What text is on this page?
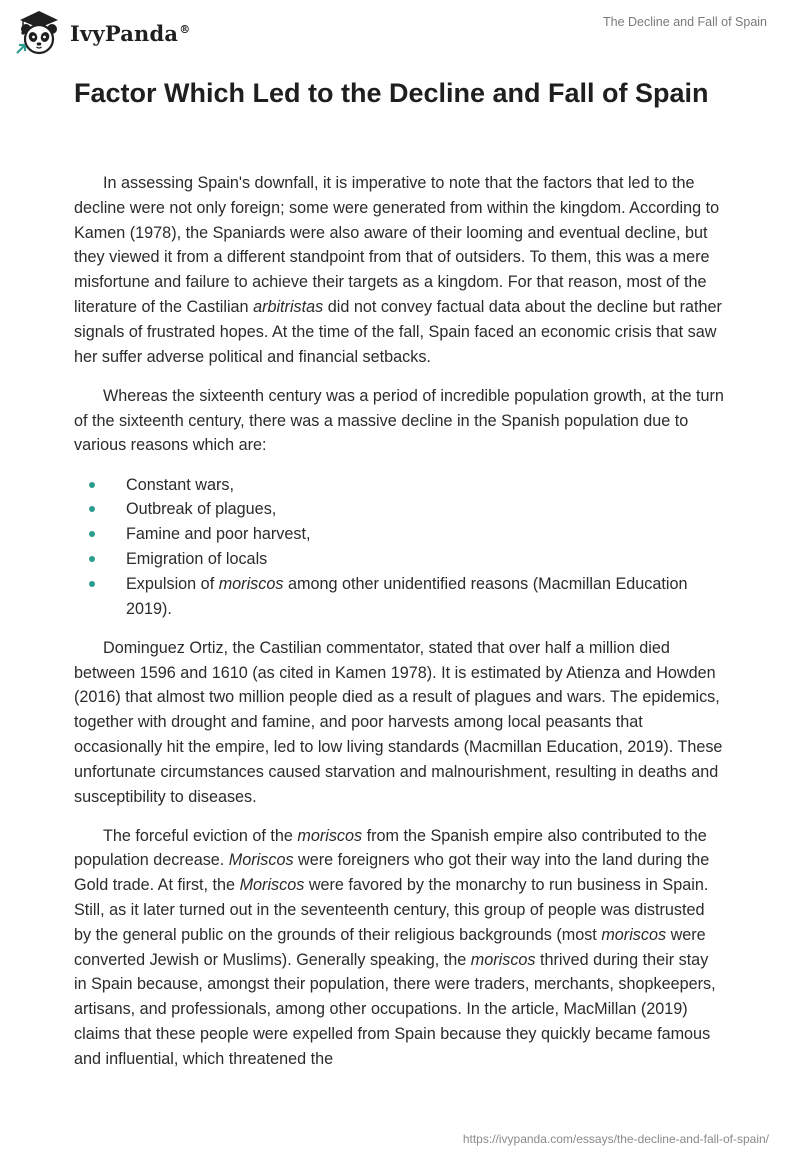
IvyPanda®	The Decline and Fall of Spain
Factor Which Led to the Decline and Fall of Spain

In assessing Spain's downfall, it is imperative to note that the factors that led to the decline were not only foreign; some were generated from within the kingdom. According to Kamen (1978), the Spaniards were also aware of their looming and eventual decline, but they viewed it from a different standpoint from that of outsiders. To them, this was a mere misfortune and failure to achieve their targets as a kingdom. For that reason, most of the literature of the Castilian arbitristas did not convey factual data about the decline but rather signals of frustrated hopes. At the time of the fall, Spain faced an economic crisis that saw her suffer adverse political and financial setbacks.

Whereas the sixteenth century was a period of incredible population growth, at the turn of the sixteenth century, there was a massive decline in the Spanish population due to various reasons which are:

Constant wars,
Outbreak of plagues,
Famine and poor harvest,
Emigration of locals
Expulsion of moriscos among other unidentified reasons (Macmillan Education 2019).

Dominguez Ortiz, the Castilian commentator, stated that over half a million died between 1596 and 1610 (as cited in Kamen 1978). It is estimated by Atienza and Howden (2016) that almost two million people died as a result of plagues and wars. The epidemics, together with drought and famine, and poor harvests among local peasants that occasionally hit the empire, led to low living standards (Macmillan Education, 2019). These unfortunate circumstances caused starvation and malnourishment, resulting in deaths and susceptibility to diseases.

The forceful eviction of the moriscos from the Spanish empire also contributed to the population decrease. Moriscos were foreigners who got their way into the land during the Gold trade. At first, the Moriscos were favored by the monarchy to run business in Spain. Still, as it later turned out in the seventeenth century, this group of people was distrusted by the general public on the grounds of their religious backgrounds (most moriscos were converted Jewish or Muslims). Generally speaking, the moriscos thrived during their stay in Spain because, amongst their population, there were traders, merchants, shopkeepers, artisans, and professionals, among other occupations. In the article, MacMillan (2019) claims that these people were expelled from Spain because they quickly became famous and influential, which threatened the

https://ivypanda.com/essays/the-decline-and-fall-of-spain/
